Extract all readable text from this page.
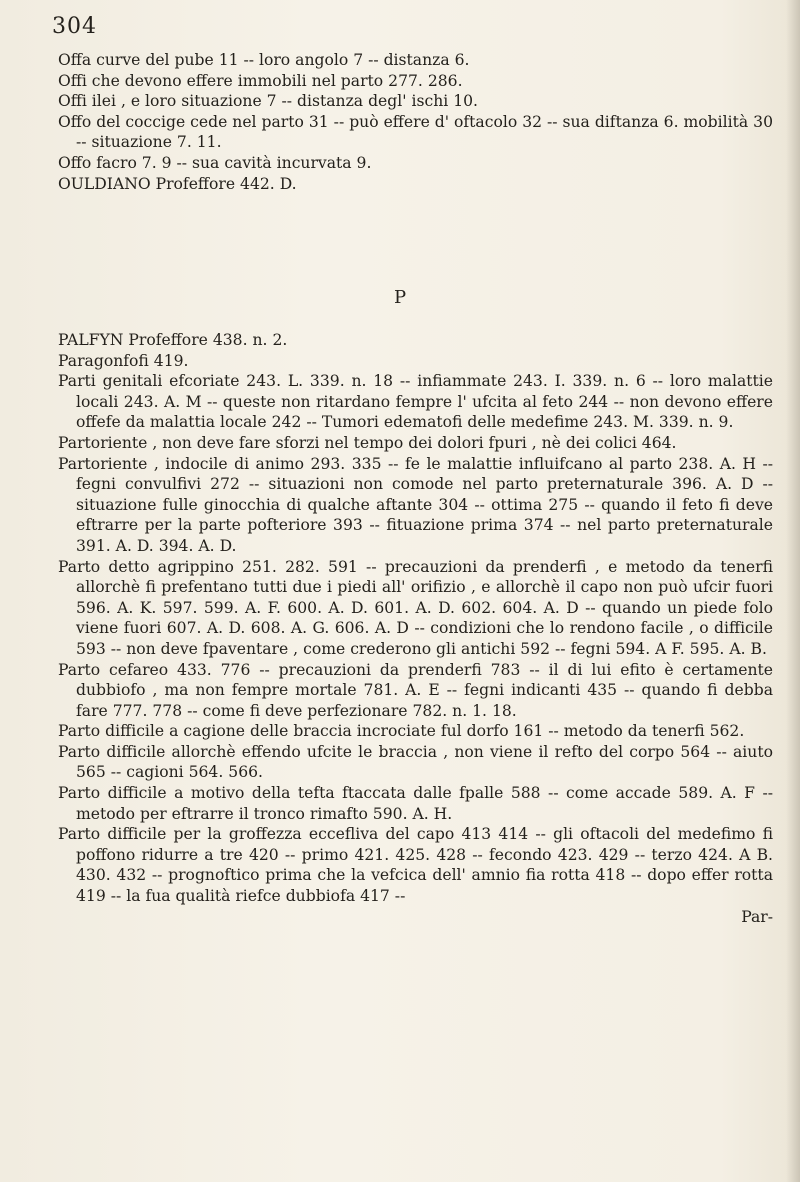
304

Offa curve del pube 11 -- loro angolo 7 -- distanza 6.

Offi che devono effere immobili nel parto 277. 286.

Offi ilei , e loro situazione 7 -- distanza degl' ischi 10.

Offo del coccige cede nel parto 31 -- può effere d' oftacolo 32 -- sua diftanza 6. mobilità 30 -- situazione 7. 11.

Offo facro 7. 9 -- sua cavità incurvata 9.

OULDIANO Profeffore 442. D.

P

PALFYN Profeffore 438. n. 2.

Paragonfofi 419.

Parti genitali efcoriate 243. L. 339. n. 18 -- infiammate 243. I. 339. n. 6 -- loro malattie locali 243. A. M -- queste non ritardano fempre l' ufcita al feto 244 -- non devono effere offefe da malattia locale 242 -- Tumori edematofi delle medefime 243. M. 339. n. 9.

Partoriente , non deve fare sforzi nel tempo dei dolori fpuri , nè dei colici 464.

Partoriente , indocile di animo 293. 335 -- fe le malattie influifcano al parto 238. A. H -- fegni convulfivi 272 -- situazioni non comode nel parto preternaturale 396. A. D -- situazione fulle ginocchia di qualche aftante 304 -- ottima 275 -- quando il feto fi deve eftrarre per la parte pofteriore 393 -- fituazione prima 374 -- nel parto preternaturale 391. A. D. 394. A. D.

Parto detto agrippino 251. 282. 591 -- precauzioni da prenderfi , e metodo da tenerfi allorchè fi prefentano tutti due i piedi all' orifizio , e allorchè il capo non può ufcir fuori 596. A. K. 597. 599. A. F. 600. A. D. 601. A. D. 602. 604. A. D -- quando un piede folo viene fuori 607. A. D. 608. A. G. 606. A. D -- condizioni che lo rendono facile , o difficile 593 -- non deve fpaventare , come crederono gli antichi 592 -- fegni 594. A F. 595. A. B.

Parto cefareo 433. 776 -- precauzioni da prenderfi 783 -- il di lui efito è certamente dubbiofo , ma non fempre mortale 781. A. E -- fegni indicanti 435 -- quando fi debba fare 777. 778 -- come fi deve perfezionare 782. n. 1. 18.

Parto difficile a cagione delle braccia incrociate ful dorfo 161 -- metodo da tenerfi 562.

Parto difficile allorchè effendo ufcite le braccia , non viene il refto del corpo 564 -- aiuto 565 -- cagioni 564. 566.

Parto difficile a motivo della tefta ftaccata dalle fpalle 588 -- come accade 589. A. F -- metodo per eftrarre il tronco rimafto 590. A. H.

Parto difficile per la groffezza eccefliva del capo 413 414 -- gli oftacoli del medefimo fi poffono ridurre a tre 420 -- primo 421. 425. 428 -- fecondo 423. 429 -- terzo 424. A B. 430. 432 -- prognoftico prima che la vefcica dell' amnio fia rotta 418 -- dopo effer rotta 419 -- la fua qualità riefce dubbiofa 417 --

Par-
